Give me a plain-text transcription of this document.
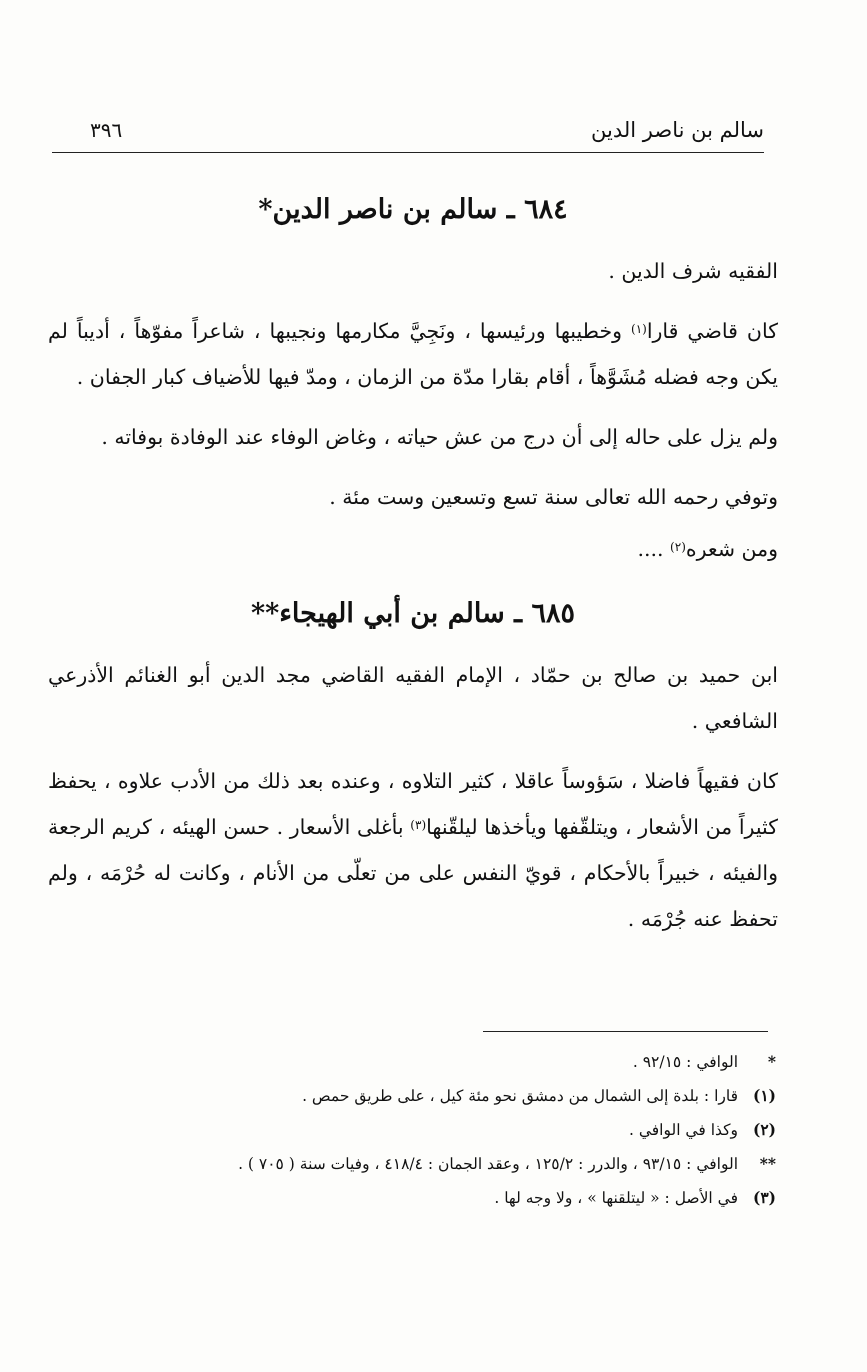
سالم بن ناصر الدين
٣٩٦
٦٨٤ ـ سالم بن ناصر الدين*

الفقيه شرف الدين .

كان قاضي قارا$^{(١)}$ وخطيبها ورئيسها ، ونَجِيَّ مكارمها ونجيبها ، شاعراً مفوّهاً ، أديباً لم يكن وجه فضله مُشَوَّهاً ، أقام بقارا مدّة من الزمان ، ومدّ فيها للأضياف كبار الجفان .

ولم يزل على حاله إلى أن درج من عش حياته ، وغاض الوفاء عند الوفادة بوفاته .

وتوفي رحمه الله تعالى سنة تسع وتسعين وست مئة .

ومن شعره$^{(٢)}$ ....

٦٨٥ ـ سالم بن أبي الهيجاء**

ابن حميد بن صالح بن حمّاد ، الإمام الفقيه القاضي مجد الدين أبو الغنائم الأذرعي الشافعي .

كان فقيهاً فاضلا ، سَؤوساً عاقلا ، كثير التلاوه ، وعنده بعد ذلك من الأدب علاوه ، يحفظ كثيراً من الأشعار ، ويتلقّفها ويأخذها ليلقّنها$^{(٣)}$ بأغلى الأسعار . حسن الهيئه ، كريم الرجعة والفيئه ، خبيراً بالأحكام ، قويّ النفس على من تعلّى من الأنام ، وكانت له حُرْمَه ، ولم تحفظ عنه جُرْمَه .

*
الوافي : ٩٢/١٥ .
(١)
قارا : بلدة إلى الشمال من دمشق نحو مئة كيل ، على طريق حمص .
(٢)
وكذا في الوافي .
**
الوافي : ٩٣/١٥ ، والدرر : ١٢٥/٢ ، وعقد الجمان : ٤١٨/٤ ، وفيات سنة ( ٧٠٥ ) .
(٣)
في الأصل : « ليتلقنها » ، ولا وجه لها .
